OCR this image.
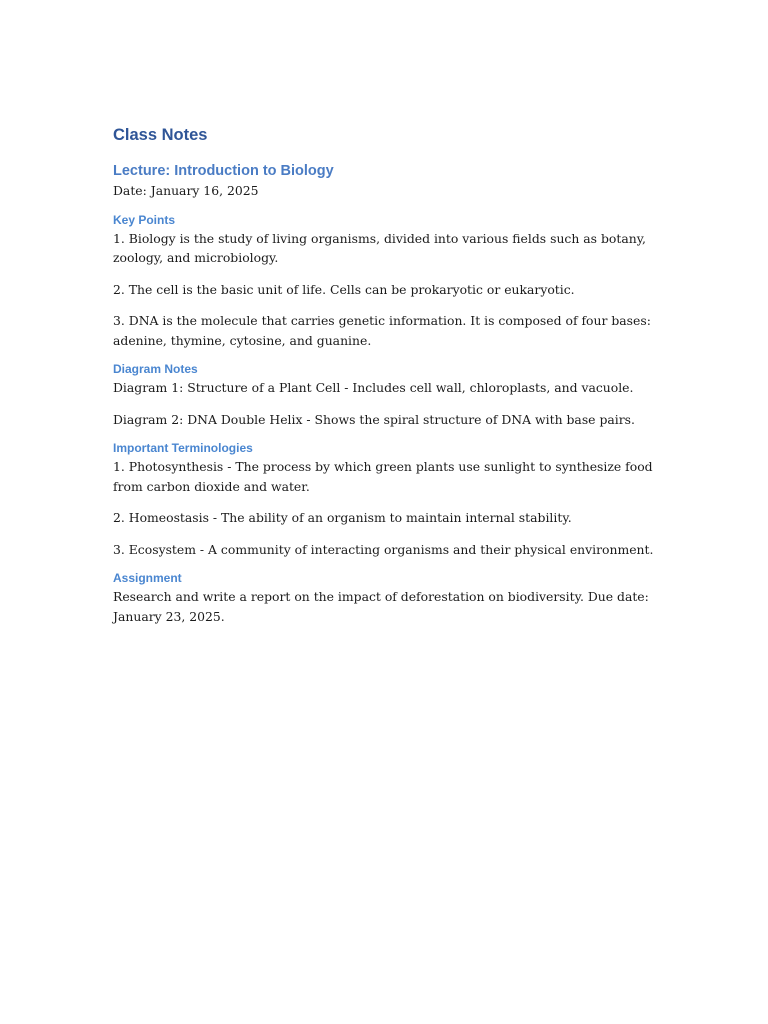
Class Notes
Lecture: Introduction to Biology

Date: January 16, 2025

Key Points

1. Biology is the study of living organisms, divided into various fields such as botany, zoology, and microbiology.

2. The cell is the basic unit of life. Cells can be prokaryotic or eukaryotic.

3. DNA is the molecule that carries genetic information. It is composed of four bases: adenine, thymine, cytosine, and guanine.

Diagram Notes

Diagram 1: Structure of a Plant Cell - Includes cell wall, chloroplasts, and vacuole.

Diagram 2: DNA Double Helix - Shows the spiral structure of DNA with base pairs.

Important Terminologies

1. Photosynthesis - The process by which green plants use sunlight to synthesize food from carbon dioxide and water.

2. Homeostasis - The ability of an organism to maintain internal stability.

3. Ecosystem - A community of interacting organisms and their physical environment.

Assignment

Research and write a report on the impact of deforestation on biodiversity. Due date: January 23, 2025.
